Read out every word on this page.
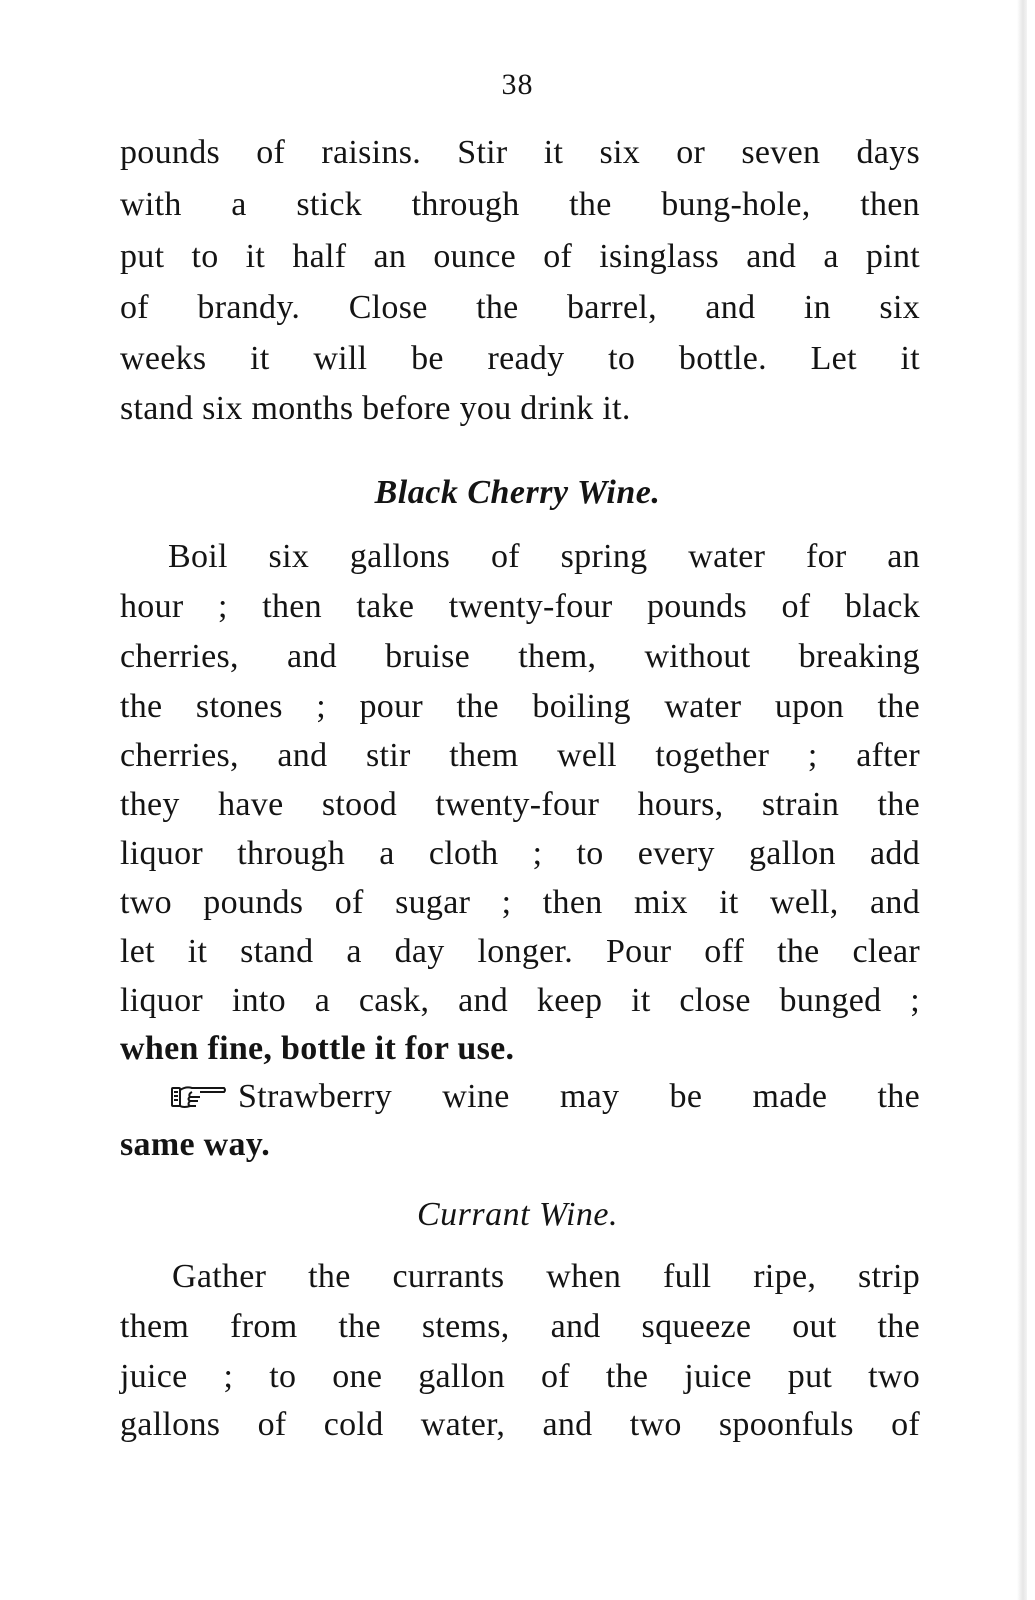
38
pounds of raisins. Stir it six or seven days
with a stick through the bung-hole, then
put to it half an ounce of isinglass and a pint
of brandy. Close the barrel, and in six
weeks it will be ready to bottle. Let it
stand six months before you drink it.
Black Cherry Wine.
Boil six gallons of spring water for an
hour ; then take twenty-four pounds of black
cherries, and bruise them, without breaking
the stones ; pour the boiling water upon the
cherries, and stir them well together ; after
they have stood twenty-four hours, strain the
liquor through a cloth ; to every gallon add
two pounds of sugar ; then mix it well, and
let it stand a day longer. Pour off the clear
liquor into a cask, and keep it close bunged ;
when fine, bottle it for use.
Strawberry wine may be made the
same way.
Currant Wine.
Gather the currants when full ripe, strip
them from the stems, and squeeze out the
juice ; to one gallon of the juice put two
gallons of cold water, and two spoonfuls of
